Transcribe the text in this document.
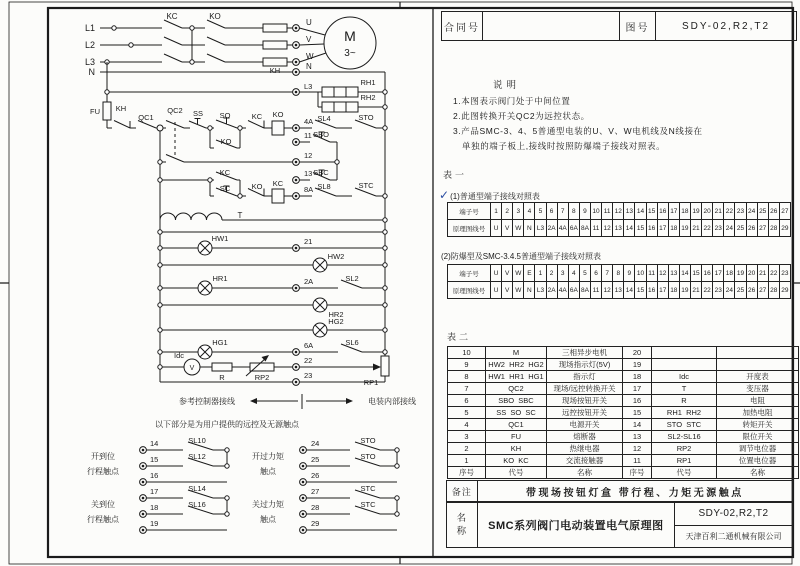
L1
L2
L3
N
KC	KO
KH
U
V
W
N
M
3~
L3	RH1
RH2
FU KH
QC1
QC2 SS SO
KO
KC KO
4A SL4	STO
11 SBO
12
13 SBC
KC
SC	KO KC
8A SL8	STC
T
HW1	21
HW2
HR1	2A	SL2
HR2
HG2
HG1	6A	SL6
Idc
V
R	RP2
22
RP1
23
参考控制器接线	电装内部接线
以下部分是为用户提供的远控及无源触点
开到位
行程触点
关到位
行程触点
14	SL10
15	SL12
16
17	SL14
18	SL16
19
开过力矩
触点
关过力矩
触点
24	STO
25	STO
26
27	STC
28	STC
29
合同号	图号	SDY-02,R2,T2
说明
1.本图表示阀门处于中间位置
2.此图转换开关QC2为远控状态。
3.产品SMC-3、4、5普通型电装的U、V、W电机线及N线接在
单独的端子板上,接线时按照防爆端子接线对照表。
表一
✓(1)普通型端子接线对照表
端子号	1	2	3	4	5	6	7	8	9	10	11	12	13	14	15	16	17	18	19	20	21	22	23	24	25	26	27
原理图线号	U	V	W	N	L3	2A	4A	6A	8A	11	12	13	14	15	16	17	18	19	21	22	23	24	25	26	27	28	29
(2)防爆型及SMC-3.4.5普通型端子接线对照表
端子号	U	V	W	E	1	2	3	4	5	6	7	8	9	10	11	12	13	14	15	16	17	18	19	20	21	22	23
原理图线号	U	V	W	N	L3	2A	4A	6A	8A	11	12	13	14	15	16	17	18	19	21	22	23	24	25	26	27	28	29
表二
10	M	三相异步电机	20		
9	HW2  HR2  HG2	现场指示灯(5V)	19		
8	HW1  HR1  HG1	指示灯	18	Idc	开度表
7	QC2	现场/远控转换开关	17	T	变压器
6	SBO  SBC	现场按钮开关	16	R	电阻
5	SS  SO  SC	远控按钮开关	15	RH1  RH2	加热电阻
4	QC1	电源开关	14	STO  STC	转矩开关
3	FU	熔断器	13	SL2-SL16	限位开关
2	KH	热继电器	12	RP2	调节电位器
1	KO  KC	交流接触器	11	RP1	位置电位器
序号	代号	名称	序号	代号	名称
备注	带现场按钮灯盒 带行程、力矩无源触点
名称	SMC系列阀门电动装置电气原理图
SDY-02,R2,T2
天津百利二通机械有限公司
